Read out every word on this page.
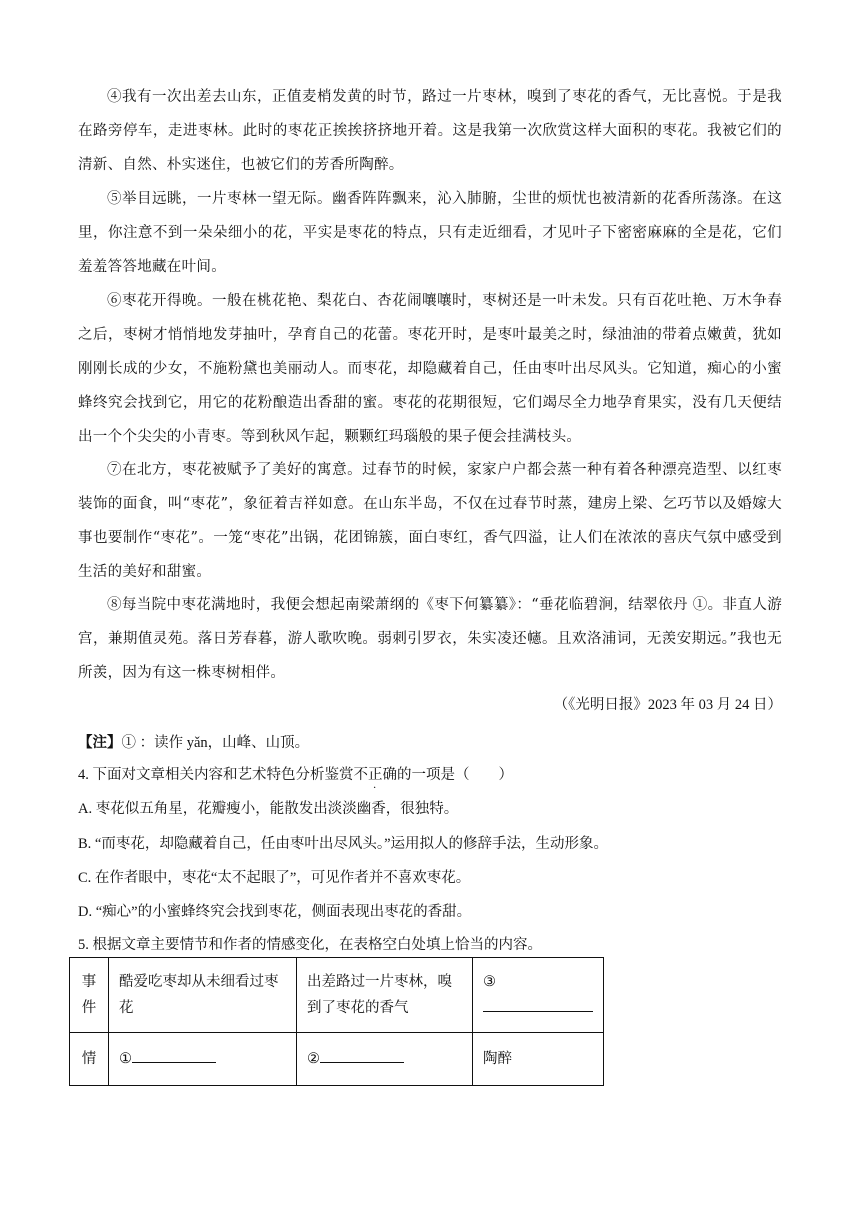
④我有一次出差去山东，正值麦梢发黄的时节，路过一片枣林，嗅到了枣花的香气，无比喜悦。于是我在路旁停车，走进枣林。此时的枣花正挨挨挤挤地开着。这是我第一次欣赏这样大面积的枣花。我被它们的清新、自然、朴实迷住，也被它们的芳香所陶醉。

⑤举目远眺，一片枣林一望无际。幽香阵阵飘来，沁入肺腑，尘世的烦忧也被清新的花香所荡涤。在这里，你注意不到一朵朵细小的花，平实是枣花的特点，只有走近细看，才见叶子下密密麻麻的全是花，它们羞羞答答地藏在叶间。

⑥枣花开得晚。一般在桃花艳、梨花白、杏花闹嚷嚷时，枣树还是一叶未发。只有百花吐艳、万木争春之后，枣树才悄悄地发芽抽叶，孕育自己的花蕾。枣花开时，是枣叶最美之时，绿油油的带着点嫩黄，犹如刚刚长成的少女，不施粉黛也美丽动人。而枣花，却隐藏着自己，任由枣叶出尽风头。它知道，痴心的小蜜蜂终究会找到它，用它的花粉酿造出香甜的蜜。枣花的花期很短，它们竭尽全力地孕育果实，没有几天便结出一个个尖尖的小青枣。等到秋风乍起，颗颗红玛瑙般的果子便会挂满枝头。

⑦在北方，枣花被赋予了美好的寓意。过春节的时候，家家户户都会蒸一种有着各种漂亮造型、以红枣装饰的面食，叫“枣花”，象征着吉祥如意。在山东半岛，不仅在过春节时蒸，建房上梁、乞巧节以及婚嫁大事也要制作“枣花”。一笼“枣花”出锅，花团锦簇，面白枣红，香气四溢，让人们在浓浓的喜庆气氛中感受到生活的美好和甜蜜。

⑧每当院中枣花满地时，我便会想起南梁萧纲的《枣下何纂纂》：“垂花临碧涧，结翠依丹 ①。非直人游宫，兼期值灵苑。落日芳春暮，游人歌吹晚。弱刺引罗衣，朱实凌还幰。且欢洛浦词，无羡安期远。”我也无所羡，因为有这一株枣树相伴。

（《光明日报》2023 年 03 月 24 日）
【注】① ：读作 yǎn，山峰、山顶。
4. 下面对文章相关内容和艺术特色分析鉴赏不正确的一项是（　　）
A. 枣花似五角星，花瓣瘦小，能散发出淡淡幽香，很独特。
B. “而枣花，却隐藏着自己，任由枣叶出尽风头。”运用拟人的修辞手法，生动形象。
C. 在作者眼中，枣花“太不起眼了”，可见作者并不喜欢枣花。
D. “痴心”的小蜜蜂终究会找到枣花，侧面表现出枣花的香甜。
5. 根据文章主要情节和作者的情感变化，在表格空白处填上恰当的内容。
事件	酷爱吃枣却从未细看过枣花	出差路过一片枣林，嗅到了枣花的香气	③
情	①	②	陶醉
